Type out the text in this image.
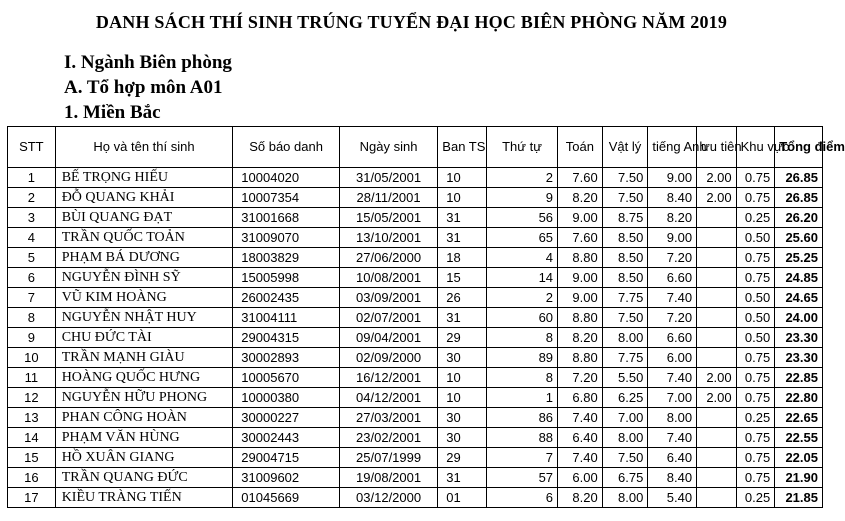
DANH SÁCH THÍ SINH TRÚNG TUYỂN ĐẠI HỌC BIÊN PHÒNG NĂM 2019
I. Ngành Biên phòng
A. Tổ hợp môn A01
1. Miền Bắc
STT	Họ và tên thí sinh	Số báo danh	Ngày sinh	Ban TS	Thứ tự	Toán	Vật lý	tiếng Anh	ưu tiên	Khu vực	Tổng điểm
1	BẾ TRỌNG HIẾU	10004020	31/05/2001	10	2	7.60	7.50	9.00	2.00	0.75	26.85
2	ĐỖ QUANG KHẢI	10007354	28/11/2001	10	9	8.20	7.50	8.40	2.00	0.75	26.85
3	BÙI QUANG ĐẠT	31001668	15/05/2001	31	56	9.00	8.75	8.20		0.25	26.20
4	TRẦN QUỐC TOẢN	31009070	13/10/2001	31	65	7.60	8.50	9.00		0.50	25.60
5	PHẠM BÁ DƯƠNG	18003829	27/06/2000	18	4	8.80	8.50	7.20		0.75	25.25
6	NGUYỄN ĐÌNH SỸ	15005998	10/08/2001	15	14	9.00	8.50	6.60		0.75	24.85
7	VŨ KIM HOÀNG	26002435	03/09/2001	26	2	9.00	7.75	7.40		0.50	24.65
8	NGUYỄN NHẬT HUY	31004111	02/07/2001	31	60	8.80	7.50	7.20		0.50	24.00
9	CHU ĐỨC TÀI	29004315	09/04/2001	29	8	8.20	8.00	6.60		0.50	23.30
10	TRẦN MẠNH GIÀU	30002893	02/09/2000	30	89	8.80	7.75	6.00		0.75	23.30
11	HOÀNG QUỐC HƯNG	10005670	16/12/2001	10	8	7.20	5.50	7.40	2.00	0.75	22.85
12	NGUYỄN HỮU PHONG	10000380	04/12/2001	10	1	6.80	6.25	7.00	2.00	0.75	22.80
13	PHAN CÔNG HOÀN	30000227	27/03/2001	30	86	7.40	7.00	8.00		0.25	22.65
14	PHẠM VĂN HÙNG	30002443	23/02/2001	30	88	6.40	8.00	7.40		0.75	22.55
15	HỒ XUÂN GIANG	29004715	25/07/1999	29	7	7.40	7.50	6.40		0.75	22.05
16	TRẦN QUANG ĐỨC	31009602	19/08/2001	31	57	6.00	6.75	8.40		0.75	21.90
17	KIỀU TRÀNG TIẾN	01045669	03/12/2000	01	6	8.20	8.00	5.40		0.25	21.85
